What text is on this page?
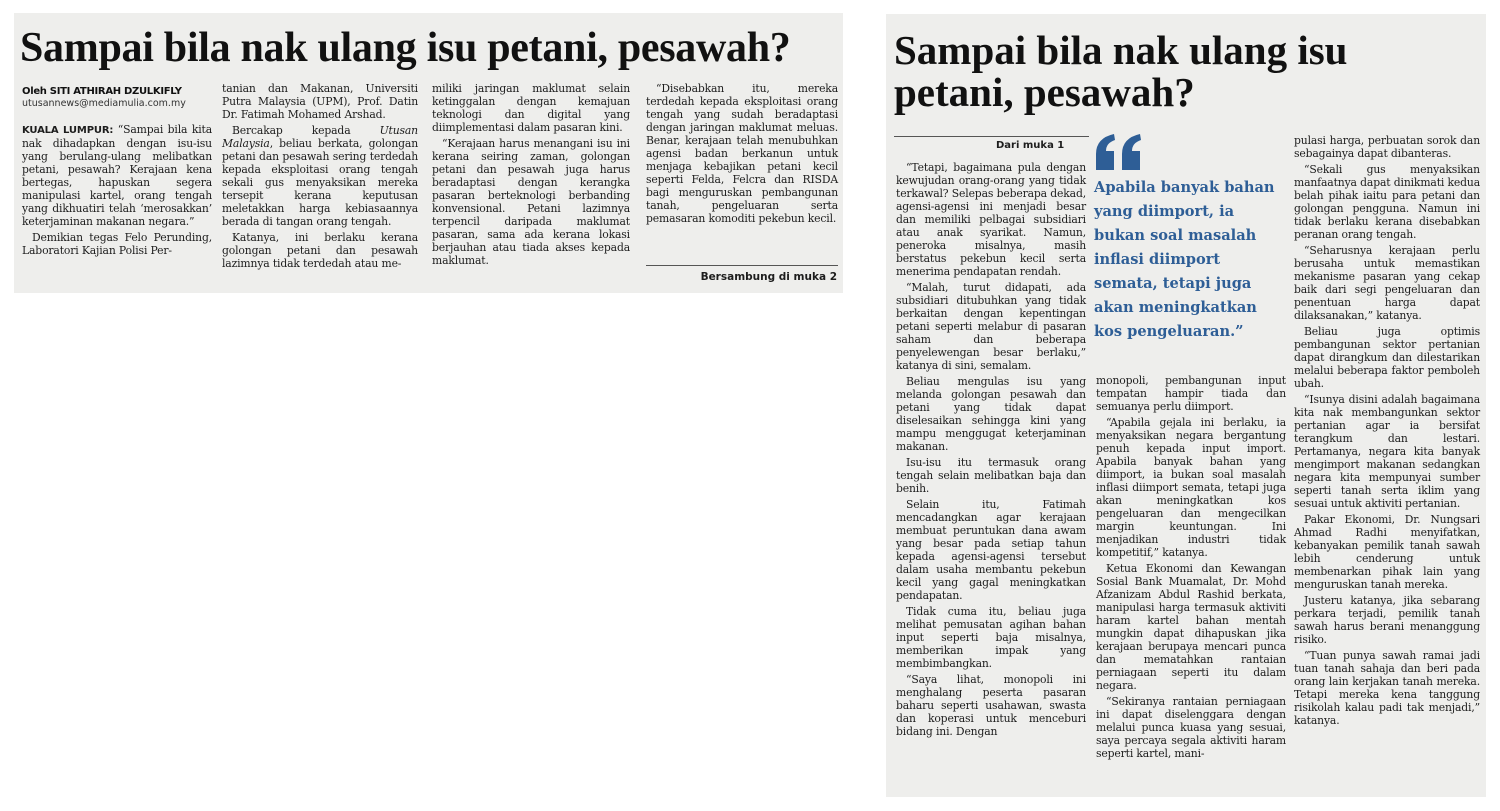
Sampai bila nak ulang isu petani, pesawah?
Oleh SITI ATHIRAH DZULKIFLY
utusannews@mediamulia.com.my

KUALA LUMPUR: “Sampai bila kita nak dihadapkan dengan isu-isu yang berulang-ulang melibatkan petani, pesawah? Kerajaan kena bertegas, hapuskan segera manipulasi kartel, orang tengah yang dikhuatiri telah ‘merosakkan’ keterjaminan makanan negara.”

Demikian tegas Felo Perunding, Laboratori Kajian Polisi Per-

tanian dan Makanan, Universiti Putra Malaysia (UPM), Prof. Datin Dr. Fatimah Mohamed Arshad.

Bercakap kepada Utusan Malaysia, beliau berkata, golongan petani dan pesawah sering terdedah kepada eksploitasi orang tengah sekali gus menyaksikan mereka tersepit kerana keputusan meletakkan harga kebiasaannya berada di tangan orang tengah.

Katanya, ini berlaku kerana golongan petani dan pesawah lazimnya tidak terdedah atau me-

miliki jaringan maklumat selain ketinggalan dengan kemajuan teknologi dan digital yang diimplementasi dalam pasaran kini.

“Kerajaan harus menangani isu ini kerana seiring zaman, golongan petani dan pesawah juga harus beradaptasi dengan kerangka pasaran berteknologi berbanding konvensional. Petani lazimnya terpencil daripada maklumat pasaran, sama ada kerana lokasi berjauhan atau tiada akses kepada maklumat.

“Disebabkan itu, mereka terdedah kepada eksploitasi orang tengah yang sudah beradaptasi dengan jaringan maklumat meluas. Benar, kerajaan telah menubuhkan agensi badan berkanun untuk menjaga kebajikan petani kecil seperti Felda, Felcra dan RISDA bagi menguruskan pembangunan tanah, pengeluaran serta pemasaran komoditi pekebun kecil.

Bersambung di muka 2
Sampai bila nak ulang isu petani, pesawah?
Dari muka 1

“Tetapi, bagaimana pula dengan kewujudan orang-orang yang tidak terkawal? Selepas beberapa dekad, agensi-agensi ini menjadi besar dan memiliki pelbagai subsidiari atau anak syarikat. Namun, peneroka misalnya, masih berstatus pekebun kecil serta menerima pendapatan rendah.

“Malah, turut didapati, ada subsidiari ditubuhkan yang tidak berkaitan dengan kepentingan petani seperti melabur di pasaran saham dan beberapa penyelewengan besar berlaku,” katanya di sini, semalam.

Beliau mengulas isu yang melanda golongan pesawah dan petani yang tidak dapat diselesaikan sehingga kini yang mampu menggugat keterjaminan makanan.

Isu-isu itu termasuk orang tengah selain melibatkan baja dan benih.

Selain itu, Fatimah mencadangkan agar kerajaan membuat peruntukan dana awam yang besar pada setiap tahun kepada agensi-agensi tersebut dalam usaha membantu pekebun kecil yang gagal meningkatkan pendapatan.

Tidak cuma itu, beliau juga melihat pemusatan agihan bahan input seperti baja misalnya, memberikan impak yang membimbangkan.

“Saya lihat, monopoli ini menghalang peserta pasaran baharu seperti usahawan, swasta dan koperasi untuk menceburi bidang ini. Dengan

Apabila banyak bahan yang diimport, ia bukan soal masalah inflasi diimport semata, tetapi juga akan meningkatkan kos pengeluaran.”

monopoli, pembangunan input tempatan hampir tiada dan semuanya perlu diimport.

“Apabila gejala ini berlaku, ia menyaksikan negara bergantung penuh kepada input import. Apabila banyak bahan yang diimport, ia bukan soal masalah inflasi diimport semata, tetapi juga akan meningkatkan kos pengeluaran dan mengecilkan margin keuntungan. Ini menjadikan industri tidak kompetitif,” katanya.

Ketua Ekonomi dan Kewangan Sosial Bank Muamalat, Dr. Mohd Afzanizam Abdul Rashid berkata, manipulasi harga termasuk aktiviti haram kartel bahan mentah mungkin dapat dihapuskan jika kerajaan berupaya mencari punca dan mematahkan rantaian perniagaan seperti itu dalam negara.

“Sekiranya rantaian perniagaan ini dapat diselenggara dengan melalui punca kuasa yang sesuai, saya percaya segala aktiviti haram seperti kartel, mani-

pulasi harga, perbuatan sorok dan sebagainya dapat dibanteras.

“Sekali gus menyaksikan manfaatnya dapat dinikmati kedua belah pihak iaitu para petani dan golongan pengguna. Namun ini tidak berlaku kerana disebabkan peranan orang tengah.

“Seharusnya kerajaan perlu berusaha untuk memastikan mekanisme pasaran yang cekap baik dari segi pengeluaran dan penentuan harga dapat dilaksanakan,” katanya.

Beliau juga optimis pembangunan sektor pertanian dapat dirangkum dan dilestarikan melalui beberapa faktor pemboleh ubah.

“Isunya disini adalah bagaimana kita nak membangunkan sektor pertanian agar ia bersifat terangkum dan lestari. Pertamanya, negara kita banyak mengimport makanan sedangkan negara kita mempunyai sumber seperti tanah serta iklim yang sesuai untuk aktiviti pertanian.

Pakar Ekonomi, Dr. Nungsari Ahmad Radhi menyifatkan, kebanyakan pemilik tanah sawah lebih cenderung untuk membenarkan pihak lain yang menguruskan tanah mereka.

Justeru katanya, jika sebarang perkara terjadi, pemilik tanah sawah harus berani menanggung risiko.

“Tuan punya sawah ramai jadi tuan tanah sahaja dan beri pada orang lain kerjakan tanah mereka. Tetapi mereka kena tanggung risikolah kalau padi tak menjadi,” katanya.
